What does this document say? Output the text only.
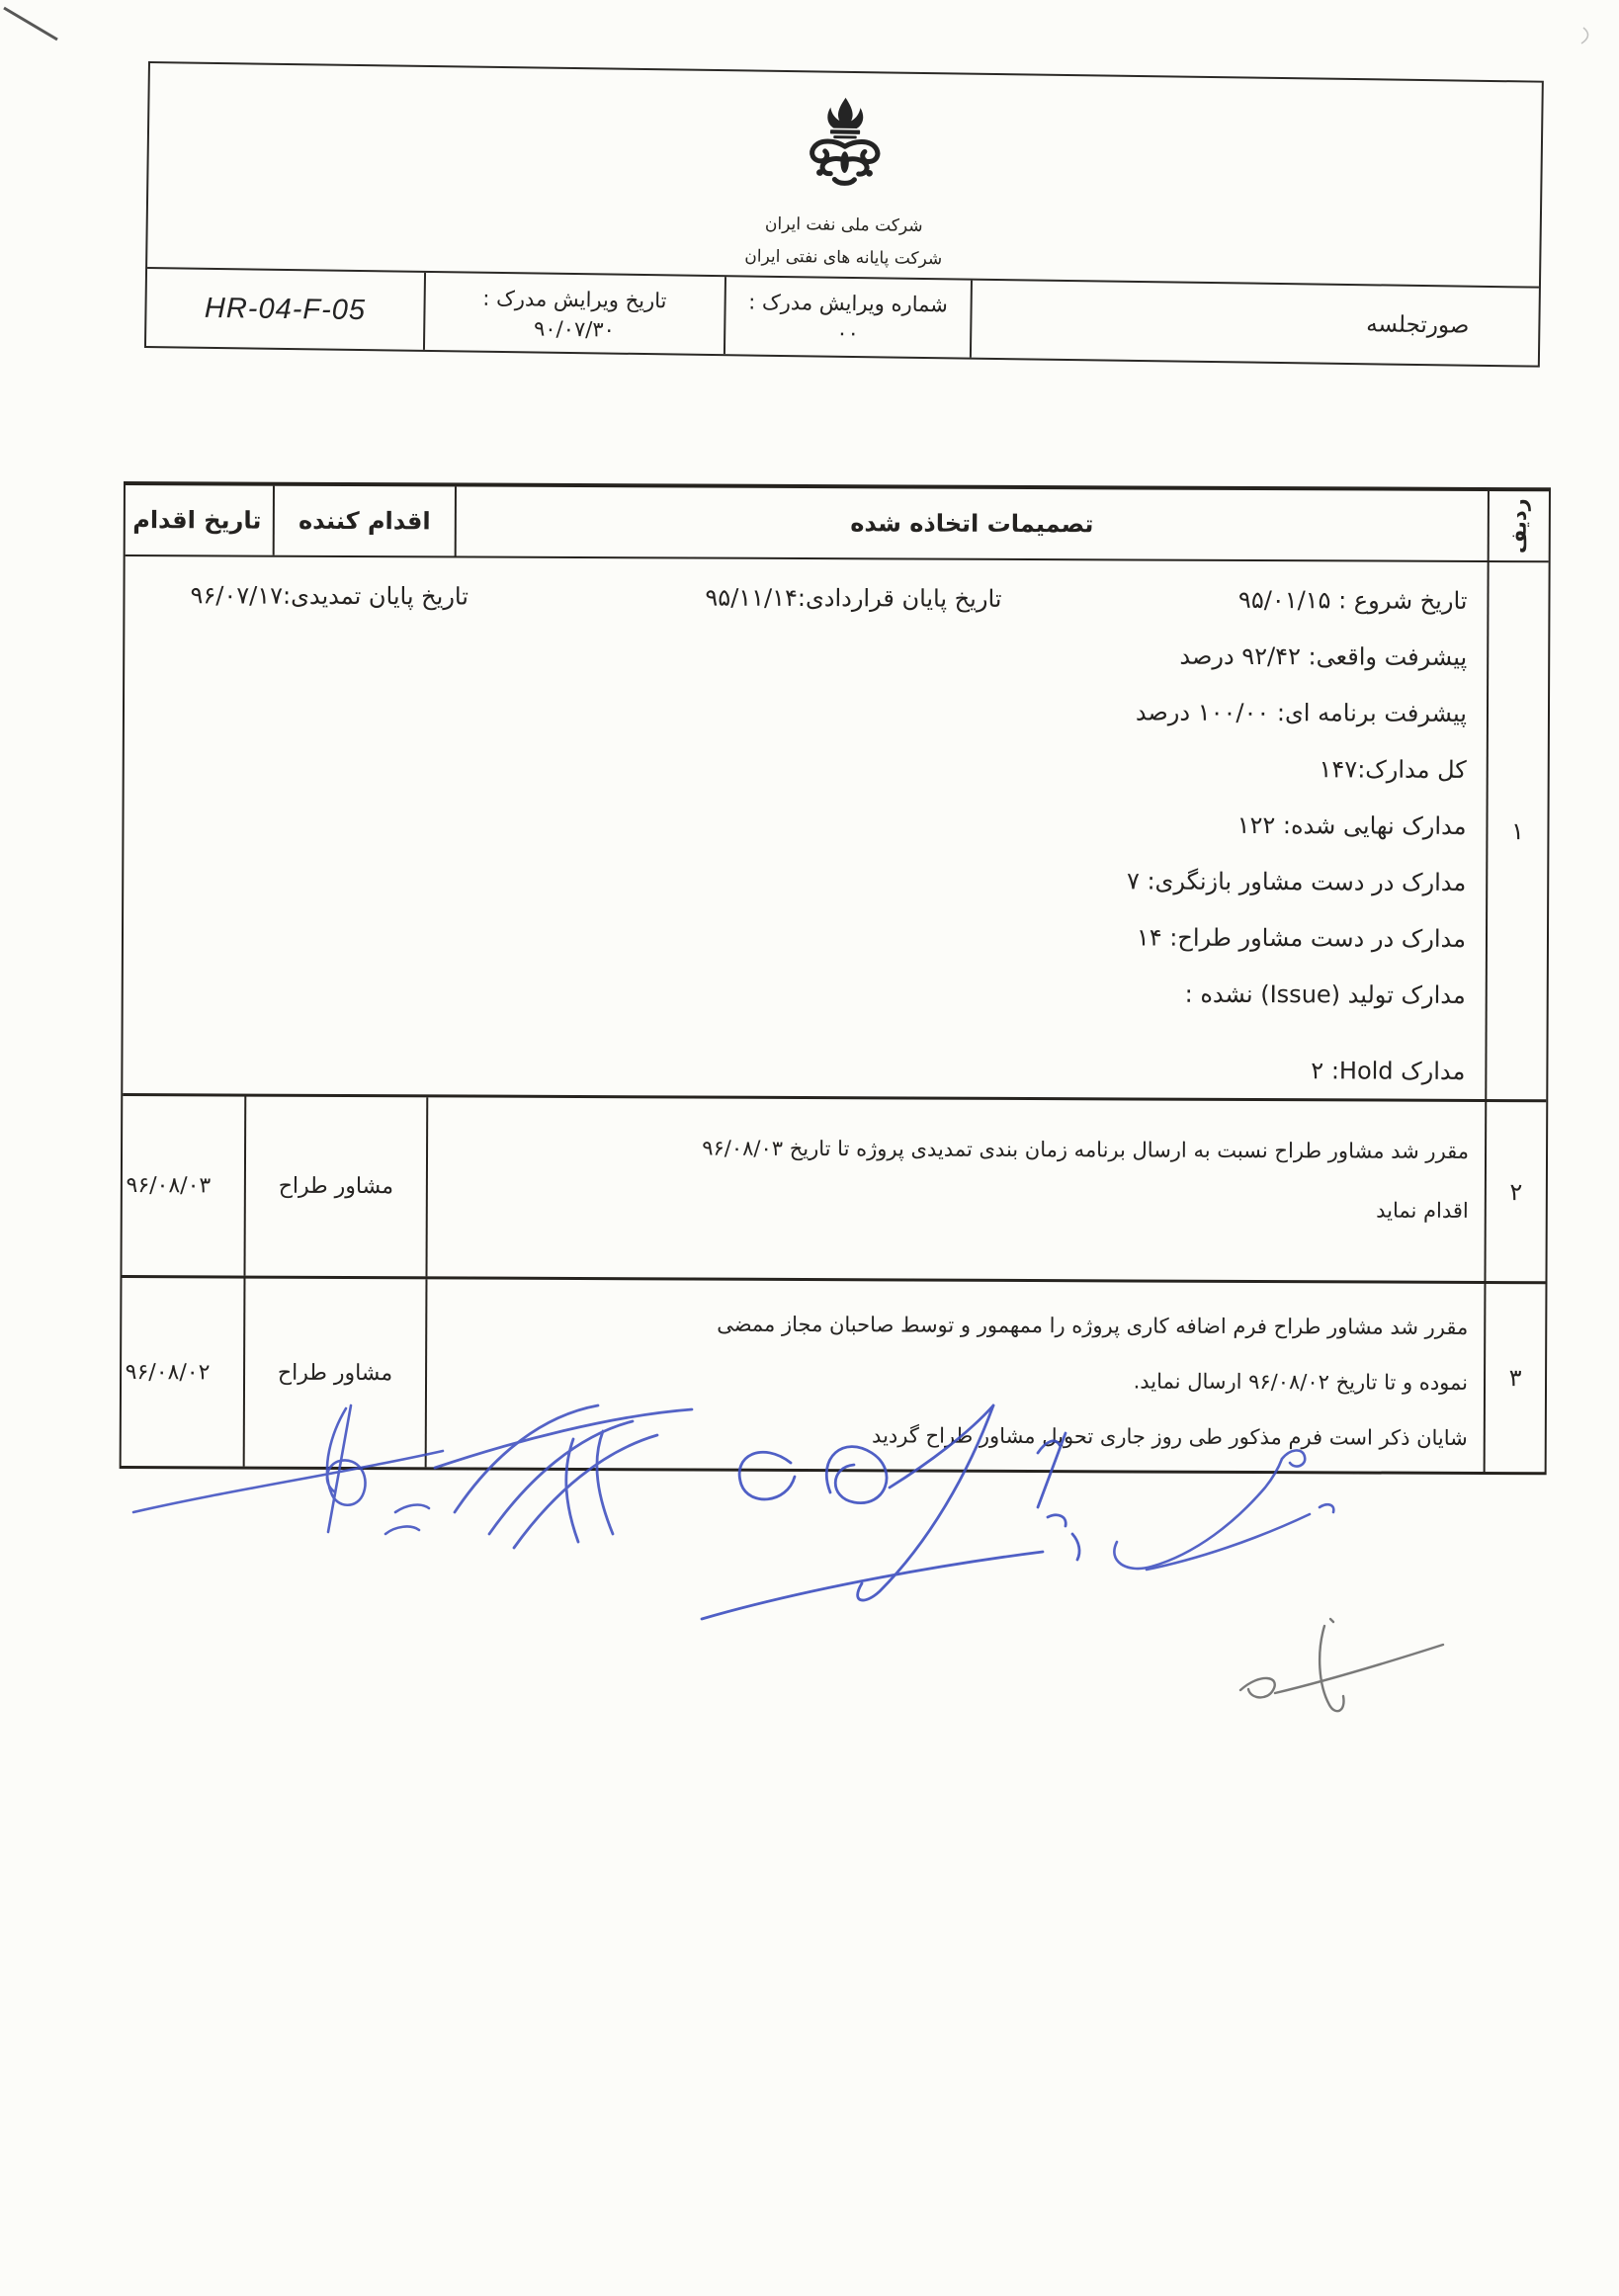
شرکت ملی نفت ایران
شرکت پایانه های نفتی ایران
صورتجلسه
شماره ویرایش مدرک :
۰۰
تاریخ ویرایش مدرک :
۹۰/۰۷/۳۰
HR-04-F-05
ردیف
تصمیمات اتخاذه شده
اقدام کننده
تاریخ اقدام
۱
تاریخ شروع : ۹۵/۰۱/۱۵
تاریخ پایان قراردادی:۹۵/۱۱/۱۴
تاریخ پایان تمدیدی:۹۶/۰۷/۱۷
پیشرفت واقعی: ۹۲/۴۲ درصد
پیشرفت برنامه ای: ۱۰۰/۰۰ درصد
کل مدارک:۱۴۷
مدارک نهایی شده: ۱۲۲
مدارک در دست مشاور بازنگری: ۷
مدارک در دست مشاور طراح: ۱۴
مدارک تولید (Issue) نشده :
مدارک Hold‏: ۲
۲
مقرر شد مشاور طراح نسبت به ارسال برنامه زمان بندی تمدیدی پروژه تا تاریخ ۹۶/۰۸/۰۳
اقدام نماید
مشاور طراح
۹۶/۰۸/۰۳
۳
مقرر شد مشاور طراح فرم اضافه کاری پروژه را ممهمور و توسط صاحبان مجاز ممضی
نموده و تا تاریخ ۹۶/۰۸/۰۲ ارسال نماید.
شایان ذکر است فرم مذکور طی روز جاری تحویل مشاور طراح گردید
مشاور طراح
۹۶/۰۸/۰۲
